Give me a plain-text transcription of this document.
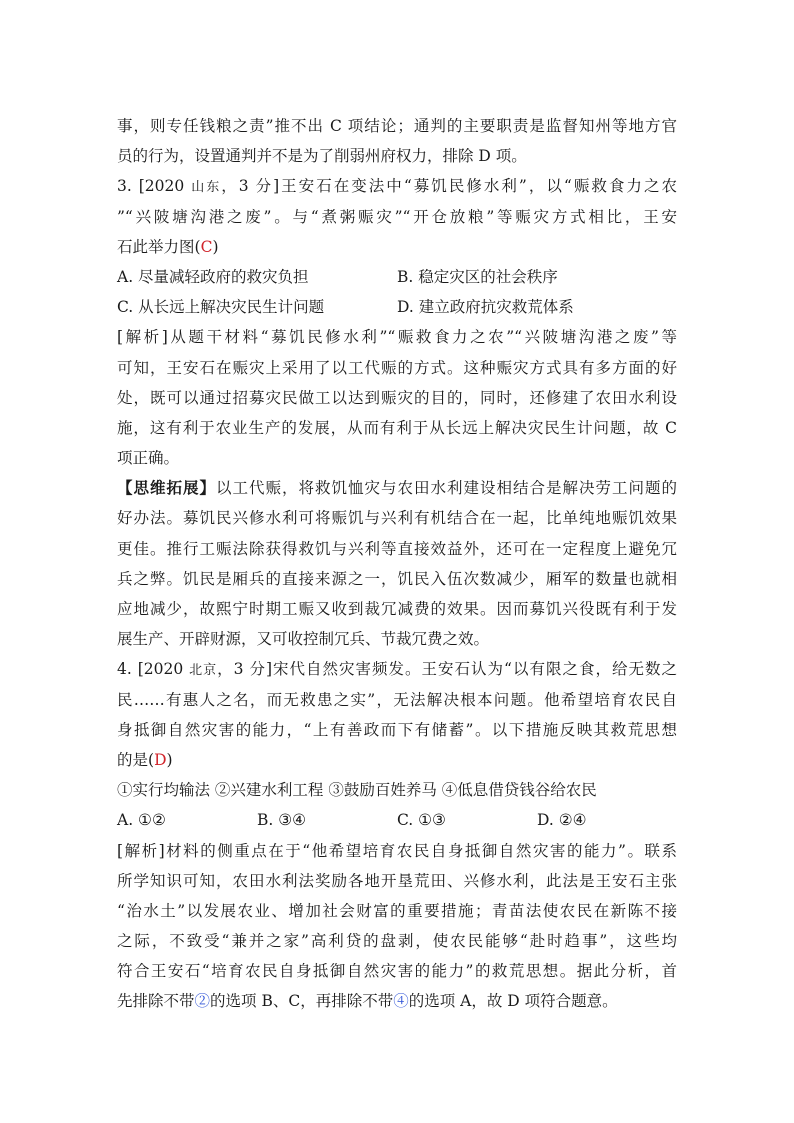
事，则专任钱粮之责”推不出 C 项结论；通判的主要职责是监督知州等地方官
员的行为，设置通判并不是为了削弱州府权力，排除 D 项。
3. [2020 山东，3 分]王安石在变法中“募饥民修水利”，以“赈救食力之农
”“兴陂塘沟港之废”。与“煮粥赈灾”“开仓放粮”等赈灾方式相比，王安
石此举力图(C)
A. 尽量减轻政府的救灾负担	B. 稳定灾区的社会秩序
C. 从长远上解决灾民生计问题	D. 建立政府抗灾救荒体系
[解析]从题干材料“募饥民修水利”“赈救食力之农”“兴陂塘沟港之废”等
可知，王安石在赈灾上采用了以工代赈的方式。这种赈灾方式具有多方面的好
处，既可以通过招募灾民做工以达到赈灾的目的，同时，还修建了农田水利设
施，这有利于农业生产的发展，从而有利于从长远上解决灾民生计问题，故 C
项正确。
【思维拓展】以工代赈，将救饥恤灾与农田水利建设相结合是解决劳工问题的
好办法。募饥民兴修水利可将赈饥与兴利有机结合在一起，比单纯地赈饥效果
更佳。推行工赈法除获得救饥与兴利等直接效益外，还可在一定程度上避免冗
兵之弊。饥民是厢兵的直接来源之一，饥民入伍次数减少，厢军的数量也就相
应地减少，故熙宁时期工赈又收到裁冗减费的效果。因而募饥兴役既有利于发
展生产、开辟财源，又可收控制冗兵、节裁冗费之效。
4. [2020 北京，3 分]宋代自然灾害频发。王安石认为“以有限之食，给无数之
民……有惠人之名，而无救患之实”，无法解决根本问题。他希望培育农民自
身抵御自然灾害的能力，“上有善政而下有储蓄”。以下措施反映其救荒思想
的是(D)
①实行均输法 ②兴建水利工程 ③鼓励百姓养马 ④低息借贷钱谷给农民
A. ①②	B. ③④	C. ①③	D. ②④
[解析]材料的侧重点在于“他希望培育农民自身抵御自然灾害的能力”。联系
所学知识可知，农田水利法奖励各地开垦荒田、兴修水利，此法是王安石主张
“治水土”以发展农业、增加社会财富的重要措施；青苗法使农民在新陈不接
之际，不致受“兼并之家”高利贷的盘剥，使农民能够“赴时趋事”，这些均
符合王安石“培育农民自身抵御自然灾害的能力”的救荒思想。据此分析，首
先排除不带②的选项 B、C，再排除不带④的选项 A，故 D 项符合题意。
